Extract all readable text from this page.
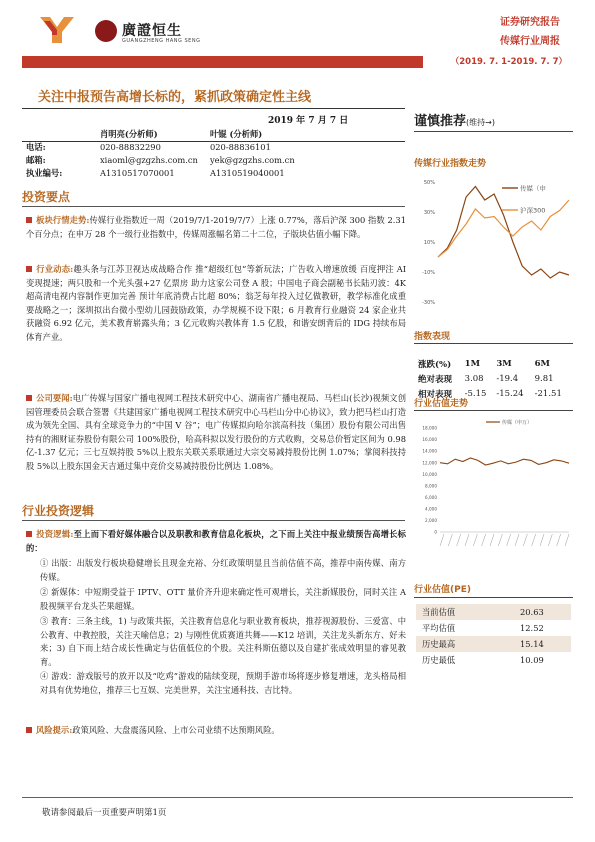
廣證恒生
GUANGZHENG HANG SENG
证券研究报告
传媒行业周报
（2019. 7. 1-2019. 7. 7）
关注中报预告高增长标的，紧抓政策确定性主线
2019 年 7 月 7 日
肖明亮(分析师)	叶锟 (分析师)
电话:	020-88832290	020-88836101
邮箱:	xiaoml@gzgzhs.com.cn yek@gzgzhs.com.cn
执业编号:	A1310517070001	A1310519040001
谨慎推荐(维持→)
投资要点
板块行情走势:传媒行业指数近一周（2019/7/1-2019/7/7）上涨 0.77%，落后沪深 300 指数 2.31 个百分点；在申万 28 个一级行业指数中，传媒周涨幅名第二十二位，子版块估值小幅下降。
行业动态:趣头条与江苏卫视达成战略合作 推“超级红包”等新玩法；广告收入增速放缓 百度押注 AI 变现提速；两只股和一个光头强+27 亿票房 助力这家公司登 A 股；中国电子商会副秘书长陆刃波：4K 超高清电视内容制作更加完善 预计年底消费占比超 80%；翁芝每年投入过亿做教研，教学标准化成重要战略之一；深圳拟出台微小型幼儿园鼓励政策，办学规模不设下限；6 月教育行业融资 24 家企业共获融资 6.92 亿元，美术教育崭露头角；3 亿元收购兴教体育 1.5 亿股，和谐安朗背后的 IDG 持续布局体育产业。
公司要闻:电广传媒与国家广播电视网工程技术研究中心、湖南省广播电视局、马栏山(长沙)视频文创园管理委员会联合签署《共建国家广播电视网工程技术研究中心马栏山分中心协议》，致力把马栏山打造成为领先全国、具有全球竞争力的“中国 V 谷”；电广传媒拟向哈尔滨高科技（集团）股份有限公司出售持有的湘财证券股份有限公司 100%股份，哈高科拟以发行股份的方式收购，交易总价暂定区间为 0.98 亿-1.37 亿元；三七互娱持股 5%以上股东关联关系联通过大宗交易减持股份比例 1.07%；掌阅科技持股 5%以上股东国金天吉通过集中竞价交易减持股份比例达 1.08%。
行业投资逻辑
投资逻辑:至上而下看好媒体融合以及职教和教育信息化板块，之下而上关注中报业绩预告高增长标的：
① 出版：出版发行板块稳健增长且现金充裕、分红政策明显且当前估值不高，推荐中南传媒、南方传媒。
② 新媒体：中短期受益于 IPTV、OTT 量价齐升迎来确定性可观增长，关注新媒股份，同时关注 A 股视频平台龙头芒果超媒。
③ 教育：三条主线，1) 与政策共振，关注教育信息化与职业教育板块，推荐视源股份、三爱富、中公教育、中教控股，关注天喻信息；2) 与刚性优质赛道共舞——K12 培训，关注龙头新东方、好未来；3) 自下而上结合成长性确定与估值低位的个股。关注科斯伍德以及自建扩张成效明显的睿见教育。
④ 游戏：游戏版号的放开以及“吃鸡”游戏的陆续变现，预期手游市场将逐步修复增速，龙头格局相对具有优势地位，推荐三七互娱、完美世界，关注宝通科技、吉比特。
风险提示:政策风险、大盘震荡风险、上市公司业绩不达预期风险。
传媒行业指数走势
50%
30%
10%
-10%
-30%
传媒（申
沪深300
指数表现
涨跌(%)	1M	3M	6M
绝对表现	3.08	-19.4	9.81
相对表现	-5.15	-15.24	-21.51
行业估值走势
18,000
16,000
14,000
12,000
10,000
8,000
6,000
4,000
2,000
0
传媒（申万）
行业估值(PE)
当前估值	20.63
平均估值	12.52
历史最高	15.14
历史最低	10.09
敬请参阅最后一页重要声明第1页
